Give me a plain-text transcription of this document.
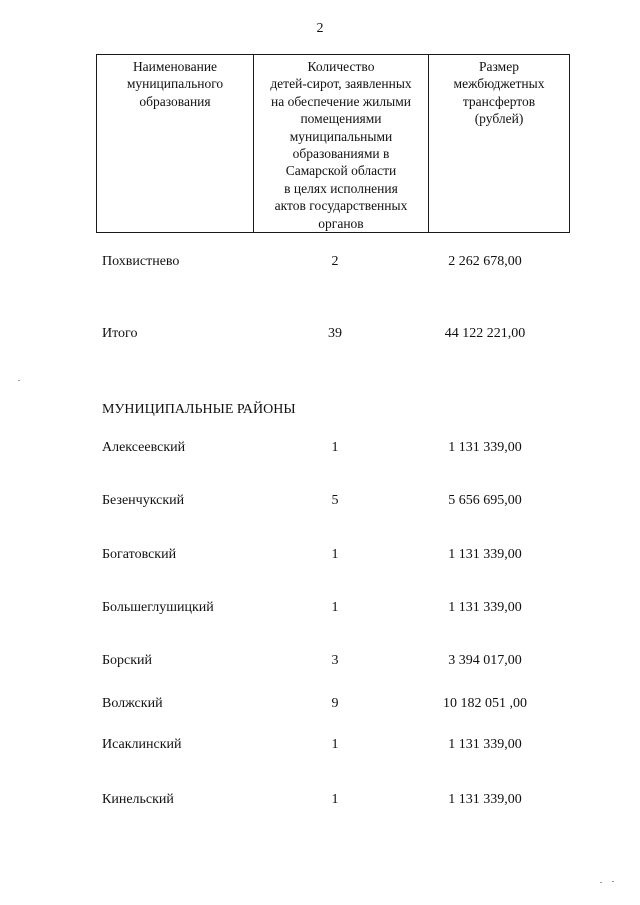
2
Наименование
муниципального
образования

Количество
детей-сирот, заявленных
на обеспечение жилыми
помещениями
муниципальными
образованиями в
Самарской области
в целях исполнения
актов государственных
органов

Размер
межбюджетных
трансфертов
(рублей)
Похвистнево	2	2 262 678,00
Итого	39	44 122 221,00
МУНИЦИПАЛЬНЫЕ РАЙОНЫ
Алексеевский	1	1 131 339,00
Безенчукский	5	5 656 695,00
Богатовский	1	1 131 339,00
Большеглушицкий	1	1 131 339,00
Борский	3	3 394 017,00
Волжский	9	10 182 051 ,00
Исаклинский	1	1 131 339,00
Кинельский	1	1 131 339,00
